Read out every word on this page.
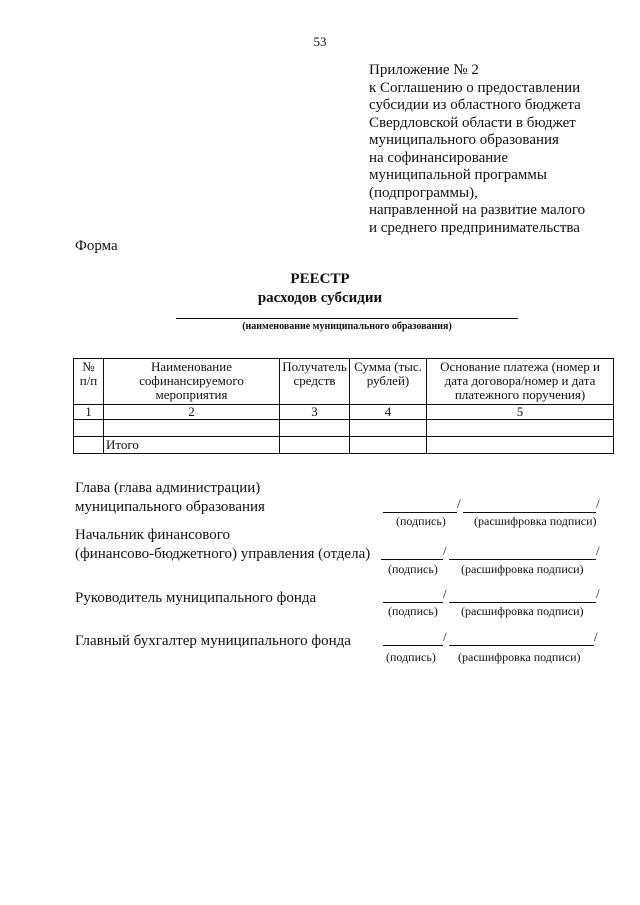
53
Приложение № 2
к Соглашению о предоставлении
субсидии из областного бюджета
Свердловской области в бюджет
муниципального образования
на софинансирование
муниципальной программы
(подпрограммы),
направленной на развитие малого
и среднего предпринимательства
Форма
РЕЕСТР
расходов субсидии
(наименование муниципального образования)
№ п/п	Наименование софинансируемого мероприятия	Получатель средств	Сумма (тыс. рублей)	Основание платежа (номер и дата договора/номер и дата платежного поручения)
1	2	3	4	5

	Итого			
Глава (глава администрации)
муниципального образования	/	/
(подпись) (расшифровка подписи)
Начальник финансового
(финансово-бюджетного) управления (отдела)	/	/
(подпись) (расшифровка подписи)
Руководитель муниципального фонда	/	/
(подпись) (расшифровка подписи)
Главный бухгалтер муниципального фонда	/	/
(подпись) (расшифровка подписи)
